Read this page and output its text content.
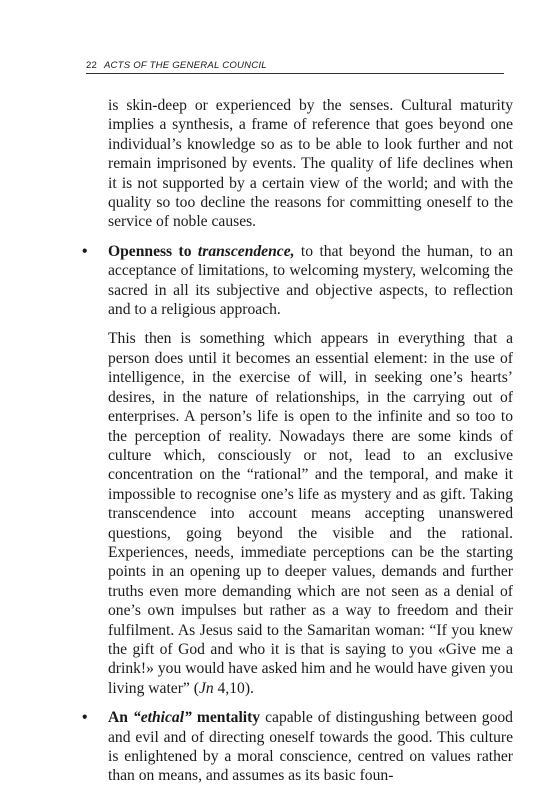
22 ACTS OF THE GENERAL COUNCIL

is skin-deep or experienced by the senses. Cultural maturity implies a synthesis, a frame of reference that goes beyond one individual’s knowledge so as to be able to look further and not remain imprisoned by events. The quality of life declines when it is not supported by a certain view of the world; and with the quality so too decline the reasons for committing oneself to the service of noble causes.

• Openness to transcendence, to that beyond the human, to an acceptance of limitations, to welcoming mystery, welcoming the sacred in all its subjective and objective aspects, to reflection and to a religious approach.

This then is something which appears in everything that a person does until it becomes an essential element: in the use of intelligence, in the exercise of will, in seeking one’s hearts’ desires, in the nature of relationships, in the carrying out of enterprises. A person’s life is open to the infinite and so too to the perception of reality. Nowadays there are some kinds of culture which, consciously or not, lead to an exclusive concentration on the “rational” and the temporal, and make it impossible to recognise one’s life as mystery and as gift. Taking transcendence into account means accepting unanswered questions, going beyond the visible and the rational. Experiences, needs, immediate perceptions can be the starting points in an opening up to deeper values, demands and further truths even more demanding which are not seen as a denial of one’s own impulses but rather as a way to freedom and their fulfilment. As Jesus said to the Samaritan woman: “If you knew the gift of God and who it is that is saying to you «Give me a drink!» you would have asked him and he would have given you living water” (Jn 4,10).

• An “ethical” mentality capable of distingushing between good and evil and of directing oneself towards the good. This culture is enlightened by a moral conscience, centred on values rather than on means, and assumes as its basic foun-
